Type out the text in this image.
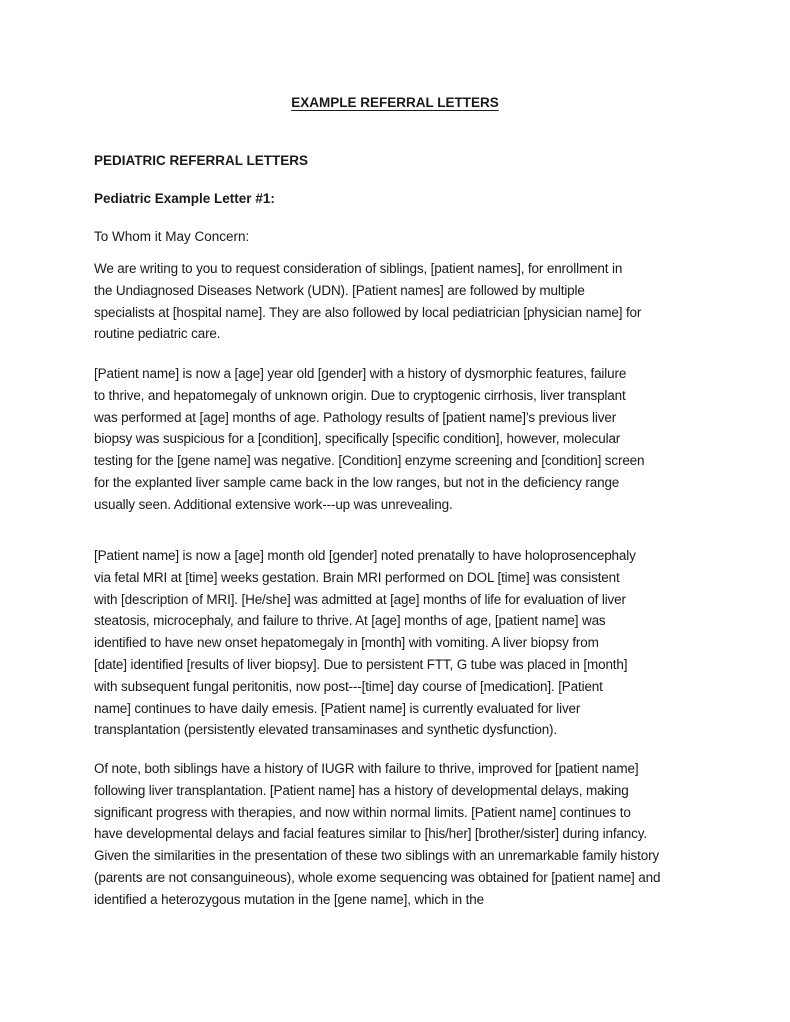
EXAMPLE REFERRAL LETTERS
PEDIATRIC REFERRAL LETTERS
Pediatric Example Letter #1:
To Whom it May Concern:

We are writing to you to request consideration of siblings, [patient names], for enrollment in
the Undiagnosed Diseases Network (UDN). [Patient names] are followed by multiple
specialists at [hospital name]. They are also followed by local pediatrician [physician name] for
routine pediatric care.

[Patient name] is now a [age] year old [gender] with a history of dysmorphic features, failure
to thrive, and hepatomegaly of unknown origin. Due to cryptogenic cirrhosis, liver transplant
was performed at [age] months of age. Pathology results of [patient name]’s previous liver
biopsy was suspicious for a [condition], specifically [specific condition], however, molecular
testing for the [gene name] was negative. [Condition] enzyme screening and [condition] screen
for the explanted liver sample came back in the low ranges, but not in the deficiency range
usually seen. Additional extensive work---up was unrevealing.

[Patient name] is now a [age] month old [gender] noted prenatally to have holoprosencephaly
via fetal MRI at [time] weeks gestation. Brain MRI performed on DOL [time] was consistent
with [description of MRI]. [He/she] was admitted at [age] months of life for evaluation of liver
steatosis, microcephaly, and failure to thrive. At [age] months of age, [patient name] was
identified to have new onset hepatomegaly in [month] with vomiting. A liver biopsy from
[date] identified [results of liver biopsy]. Due to persistent FTT, G tube was placed in [month]
with subsequent fungal peritonitis, now post---[time] day course of [medication]. [Patient
name] continues to have daily emesis. [Patient name] is currently evaluated for liver
transplantation (persistently elevated transaminases and synthetic dysfunction).

Of note, both siblings have a history of IUGR with failure to thrive, improved for [patient name]
following liver transplantation. [Patient name] has a history of developmental delays, making
significant progress with therapies, and now within normal limits. [Patient name] continues to
have developmental delays and facial features similar to [his/her] [brother/sister] during infancy.
Given the similarities in the presentation of these two siblings with an unremarkable family history
(parents are not consanguineous), whole exome sequencing was obtained for [patient name] and
identified a heterozygous mutation in the [gene name], which in the
